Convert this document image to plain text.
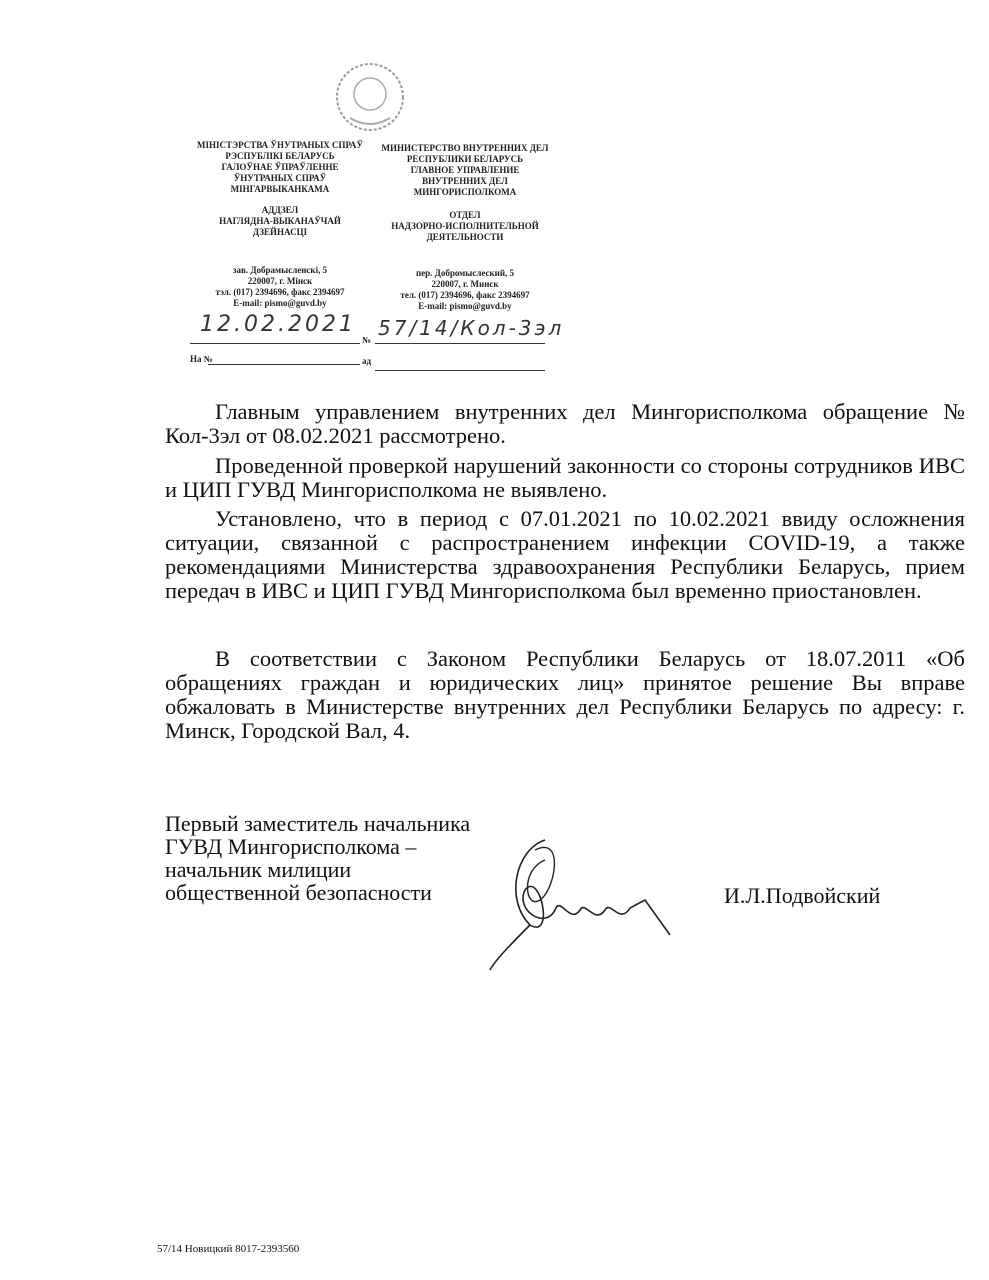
МІНІСТЭРСТВА ЎНУТРАНЫХ СПРАЎ
РЭСПУБЛІКІ БЕЛАРУСЬ
ГАЛОЎНАЕ ЎПРАЎЛЕННЕ
ЎНУТРАНЫХ СПРАЎ
МІНГАРВЫКАНКАМА
АДДЗЕЛ
НАГЛЯДНА-ВЫКАНАЎЧАЙ
ДЗЕЙНАСЦІ
зав. Добрамысленскі, 5
220007, г. Мінск
тэл. (017) 2394696, факс 2394697
E-mail: pismo@guvd.by
МИНИСТЕРСТВО ВНУТРЕННИХ ДЕЛ
РЕСПУБЛИКИ БЕЛАРУСЬ
ГЛАВНОЕ УПРАВЛЕНИЕ
ВНУТРЕННИХ ДЕЛ
МИНГОРИСПОЛКОМА
ОТДЕЛ
НАДЗОРНО-ИСПОЛНИТЕЛЬНОЙ
ДЕЯТЕЛЬНОСТИ
пер. Добромыслеский, 5
220007, г. Минск
тел. (017) 2394696, факс 2394697
E-mail: pismo@guvd.by
12.02.2021
№ 57/14/Кол-3эл
На №	ад
Главным управлением внутренних дел Мингорисполкома обращение № Кол-3эл от 08.02.2021 рассмотрено.
Проведенной проверкой нарушений законности со стороны сотрудников ИВС и ЦИП ГУВД Мингорисполкома не выявлено.
Установлено, что в период с 07.01.2021 по 10.02.2021 ввиду осложнения ситуации, связанной с распространением инфекции COVID-19, а также рекомендациями Министерства здравоохранения Республики Беларусь, прием передач в ИВС и ЦИП ГУВД Мингорисполкома был временно приостановлен.
В соответствии с Законом Республики Беларусь от 18.07.2011 «Об обращениях граждан и юридических лиц» принятое решение Вы вправе обжаловать в Министерстве внутренних дел Республики Беларусь по адресу: г. Минск, Городской Вал, 4.
Первый заместитель начальника
ГУВД Мингорисполкома –
начальник милиции
общественной безопасности	И.Л.Подвойский
57/14 Новицкий 8017-2393560
